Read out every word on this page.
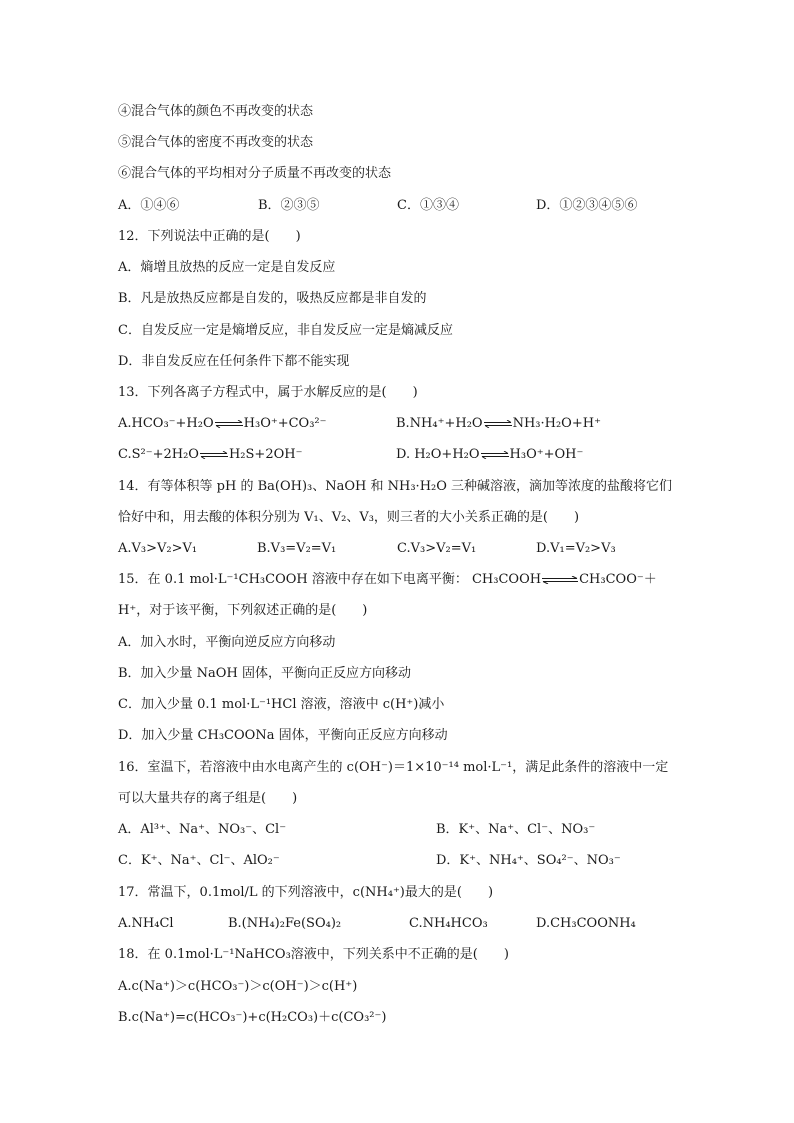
④混合气体的颜色不再改变的状态
⑤混合气体的密度不再改变的状态
⑥混合气体的平均相对分子质量不再改变的状态
A．①④⑥	B．②③⑤	C．①③④	D．①②③④⑤⑥
12．下列说法中正确的是(　　)
A．熵增且放热的反应一定是自发反应
B．凡是放热反应都是自发的，吸热反应都是非自发的
C．自发反应一定是熵增反应，非自发反应一定是熵减反应
D．非自发反应在任何条件下都不能实现
13．下列各离子方程式中，属于水解反应的是(　　)
A.HCO₃⁻+H₂O⇌H₃O⁺+CO₃²⁻	B.NH₄⁺+H₂O⇌NH₃·H₂O+H⁺
C.S²⁻+2H₂O⇌H₂S+2OH⁻	D. H₂O+H₂O⇌H₃O⁺+OH⁻
14．有等体积等 pH 的 Ba(OH)₃、NaOH 和 NH₃·H₂O 三种碱溶液，滴加等浓度的盐酸将它们
恰好中和，用去酸的体积分别为 V₁、V₂、V₃，则三者的大小关系正确的是(　　)
A.V₃>V₂>V₁	B.V₃=V₂=V₁	C.V₃>V₂=V₁	D.V₁=V₂>V₃
15．在 0.1 mol·L⁻¹CH₃COOH 溶液中存在如下电离平衡： CH₃COOH⇌CH₃COO⁻＋
H⁺，对于该平衡，下列叙述正确的是(　　)
A．加入水时，平衡向逆反应方向移动
B．加入少量 NaOH 固体，平衡向正反应方向移动
C．加入少量 0.1 mol·L⁻¹HCl 溶液，溶液中 c(H⁺)减小
D．加入少量 CH₃COONa 固体，平衡向正反应方向移动
16．室温下，若溶液中由水电离产生的 c(OH⁻)＝1×10⁻¹⁴ mol·L⁻¹，满足此条件的溶液中一定
可以大量共存的离子组是(　　)
A．Al³⁺、Na⁺、NO₃⁻、Cl⁻	B．K⁺、Na⁺、Cl⁻、NO₃⁻
C．K⁺、Na⁺、Cl⁻、AlO₂⁻	D．K⁺、NH₄⁺、SO₄²⁻、NO₃⁻
17．常温下，0.1mol/L 的下列溶液中，c(NH₄⁺)最大的是(　　)
A.NH₄Cl	B.(NH₄)₂Fe(SO₄)₂	C.NH₄HCO₃	D.CH₃COONH₄
18．在 0.1mol·L⁻¹NaHCO₃溶液中，下列关系中不正确的是(　　)
A.c(Na⁺)＞c(HCO₃⁻)＞c(OH⁻)＞c(H⁺)
B.c(Na⁺)=c(HCO₃⁻)+c(H₂CO₃)＋c(CO₃²⁻)
